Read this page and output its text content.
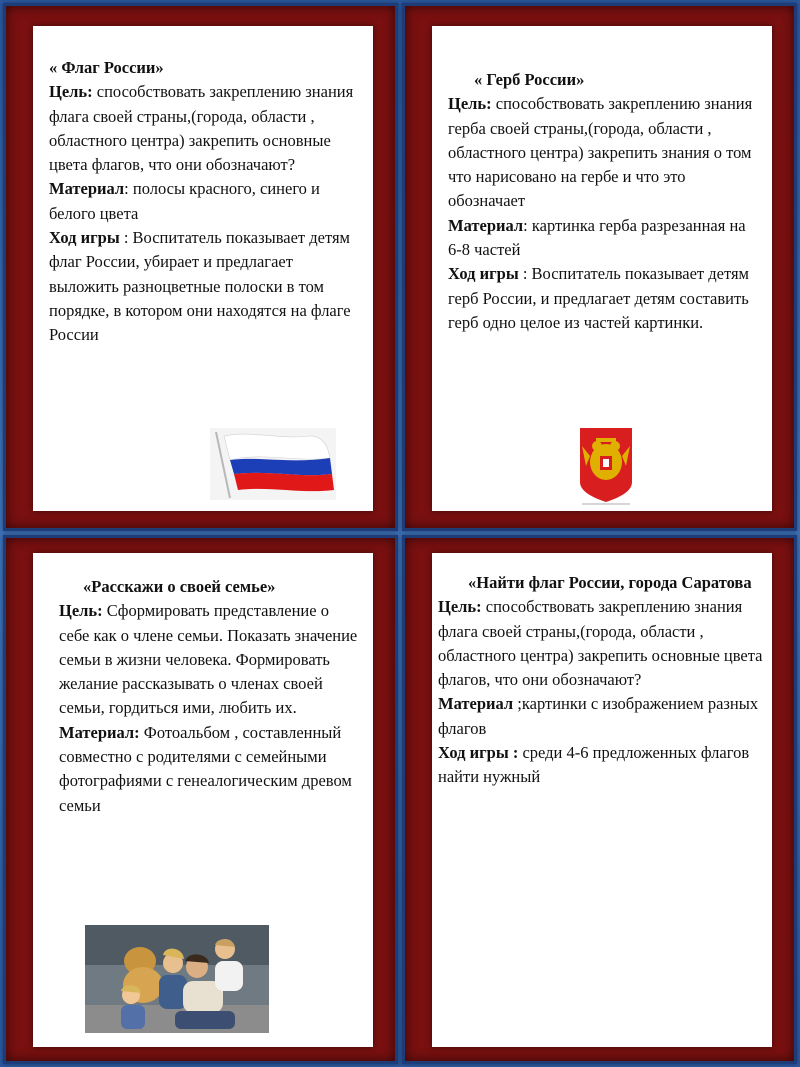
« Флаг России»
Цель: способствовать закреплению знания флага своей страны,(города, области , областного центра) закрепить основные цвета флагов, что они обозначают?
Материал: полосы красного, синего и белого цвета
Ход игры : Воспитатель показывает детям флаг России, убирает и предлагает выложить разноцветные полоски в том порядке, в котором они находятся на флаге России

« Герб России»
Цель: способствовать закреплению знания герба своей страны,(города, области , областного центра) закрепить знания о том что нарисовано на гербе и что это обозначает
Материал: картинка герба разрезанная на 6-8 частей
Ход игры : Воспитатель показывает детям герб России, и предлагает детям составить герб одно целое из частей картинки.

«Расскажи о своей семье»
Цель: Сформировать представление о себе как о члене семьи. Показать значение семьи в жизни человека. Формировать желание рассказывать о членах своей семьи, гордиться ими, любить их.
Материал: Фотоальбом , составленный совместно с родителями с семейными фотографиями с генеалогическим древом семьи

«Найти флаг России, города Саратова
Цель: способствовать закреплению знания флага своей страны,(города, области , областного центра) закрепить основные цвета флагов, что они обозначают?
Материал ;картинки с изображением разных флагов
Ход игры : среди 4-6 предложенных флагов найти нужный
